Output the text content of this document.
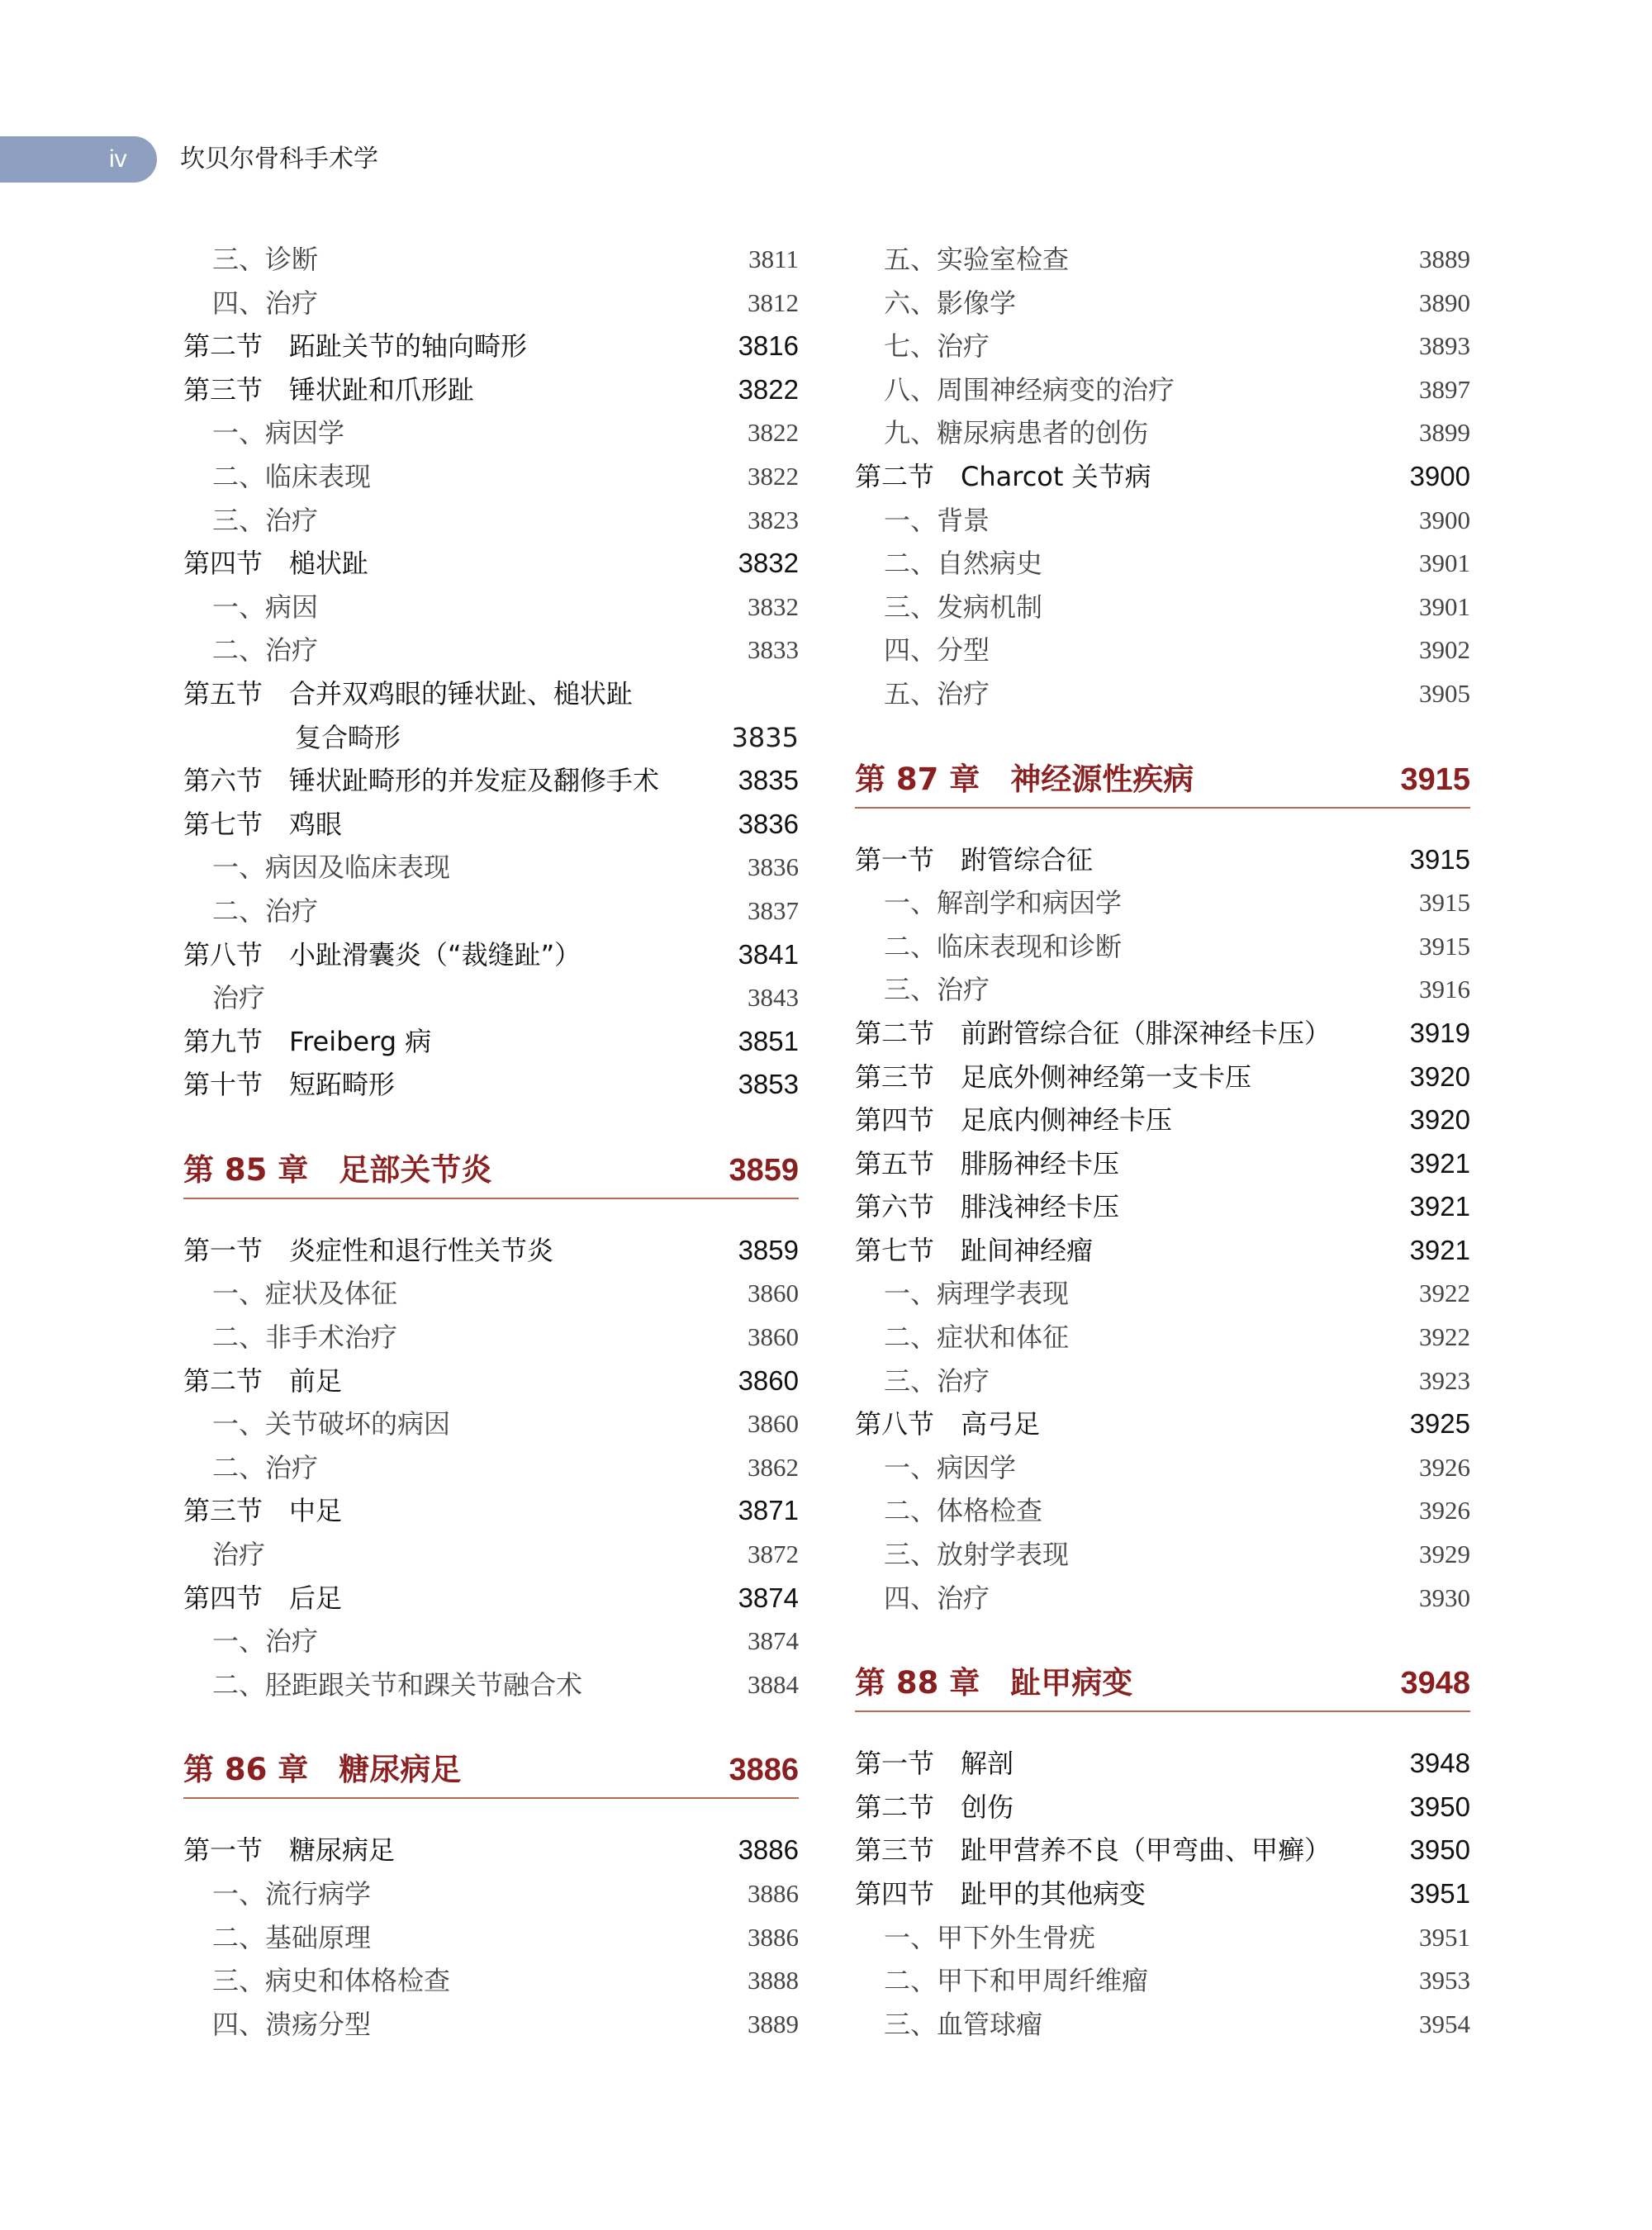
iv 坎贝尔骨科手术学
三、诊断	3811
四、治疗	3812
第二节　跖趾关节的轴向畸形	3816
第三节　锤状趾和爪形趾	3822
一、病因学	3822
二、临床表现	3822
三、治疗	3823
第四节　槌状趾	3832
一、病因	3832
二、治疗	3833
第五节　合并双鸡眼的锤状趾、槌状趾
复合畸形	3835
第六节　锤状趾畸形的并发症及翻修手术	3835
第七节　鸡眼	3836
一、病因及临床表现	3836
二、治疗	3837
第八节　小趾滑囊炎（“裁缝趾”）	3841
治疗	3843
第九节　Freiberg 病	3851
第十节　短跖畸形	3853
第 85 章　足部关节炎	3859
第一节　炎症性和退行性关节炎	3859
一、症状及体征	3860
二、非手术治疗	3860
第二节　前足	3860
一、关节破坏的病因	3860
二、治疗	3862
第三节　中足	3871
治疗	3872
第四节　后足	3874
一、治疗	3874
二、胫距跟关节和踝关节融合术	3884
第 86 章　糖尿病足	3886
第一节　糖尿病足	3886
一、流行病学	3886
二、基础原理	3886
三、病史和体格检查	3888
四、溃疡分型	3889
五、实验室检查	3889
六、影像学	3890
七、治疗	3893
八、周围神经病变的治疗	3897
九、糖尿病患者的创伤	3899
第二节　Charcot 关节病	3900
一、背景	3900
二、自然病史	3901
三、发病机制	3901
四、分型	3902
五、治疗	3905
第 87 章　神经源性疾病	3915
第一节　跗管综合征	3915
一、解剖学和病因学	3915
二、临床表现和诊断	3915
三、治疗	3916
第二节　前跗管综合征（腓深神经卡压）	3919
第三节　足底外侧神经第一支卡压	3920
第四节　足底内侧神经卡压	3920
第五节　腓肠神经卡压	3921
第六节　腓浅神经卡压	3921
第七节　趾间神经瘤	3921
一、病理学表现	3922
二、症状和体征	3922
三、治疗	3923
第八节　高弓足	3925
一、病因学	3926
二、体格检查	3926
三、放射学表现	3929
四、治疗	3930
第 88 章　趾甲病变	3948
第一节　解剖	3948
第二节　创伤	3950
第三节　趾甲营养不良（甲弯曲、甲癣）	3950
第四节　趾甲的其他病变	3951
一、甲下外生骨疣	3951
二、甲下和甲周纤维瘤	3953
三、血管球瘤	3954
